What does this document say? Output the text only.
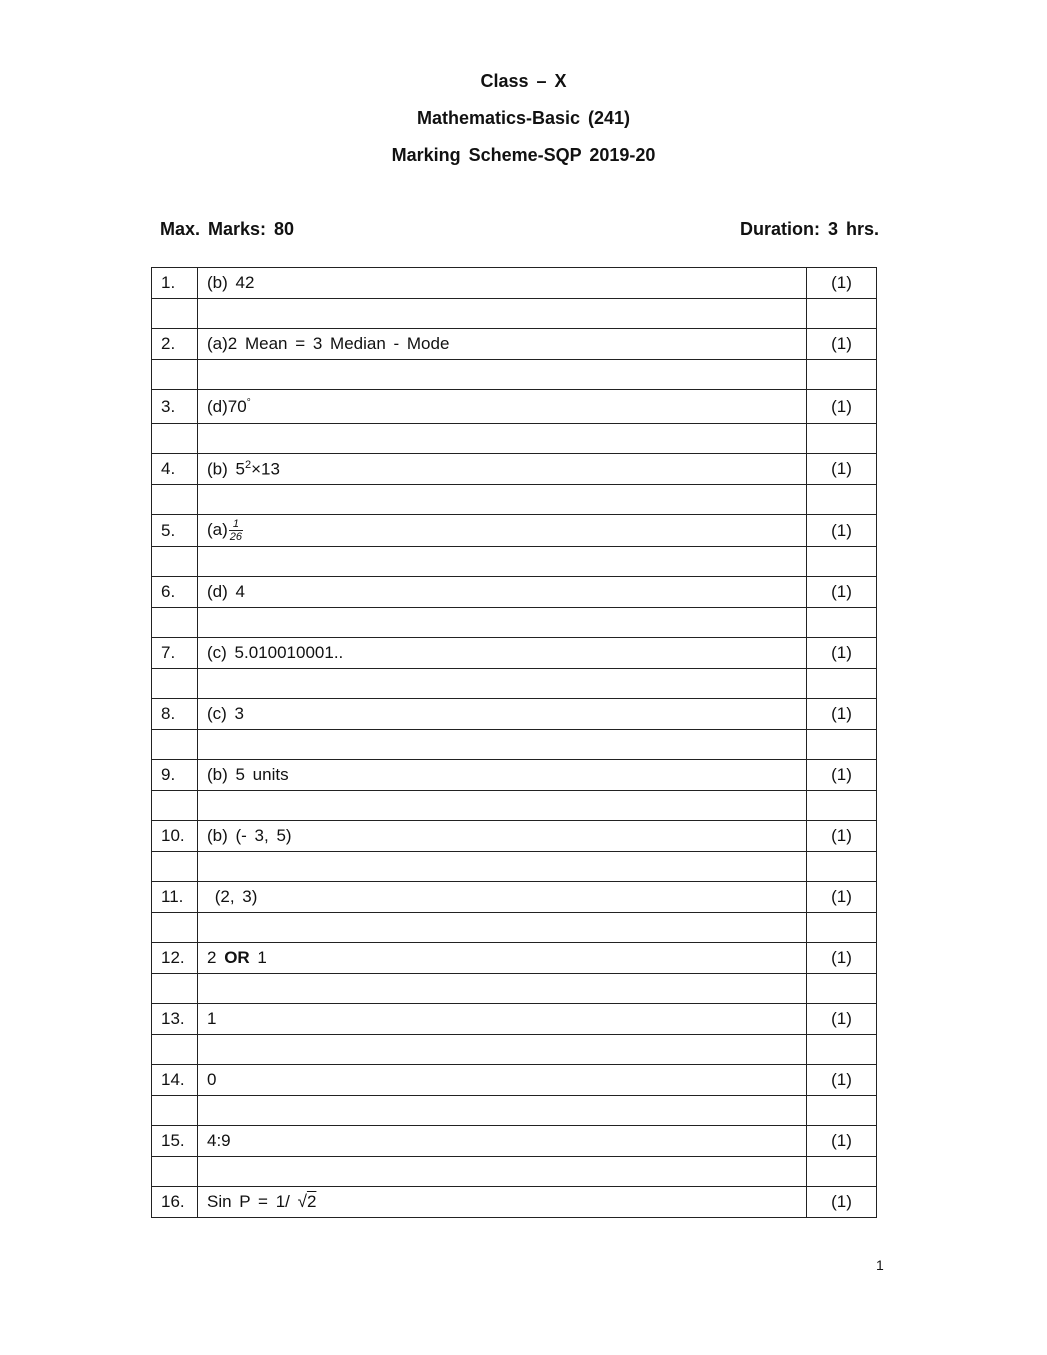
Class – X
Mathematics-Basic (241)
Marking Scheme-SQP 2019-20
Max. Marks: 80	Duration: 3 hrs.
1.	(b) 42	(1)

2.	(a)2 Mean = 3 Median - Mode	(1)

3.	(d)70°	(1)

4.	(b) $5^2\times 13$	(1)

5.	$(a) \frac{1}{26}$	(1)

6.	(d) 4	(1)

7.	(c) 5.010010001..	(1)

8.	(c) 3	(1)

9.	(b) 5 units	(1)

10.	(b) (- 3, 5)	(1)

11.	(2, 3)	(1)

12.	2 OR 1	(1)

13.	1	(1)

14.	0	(1)

15.	4:9	(1)

16.	Sin P = 1/ √2	(1)
1
